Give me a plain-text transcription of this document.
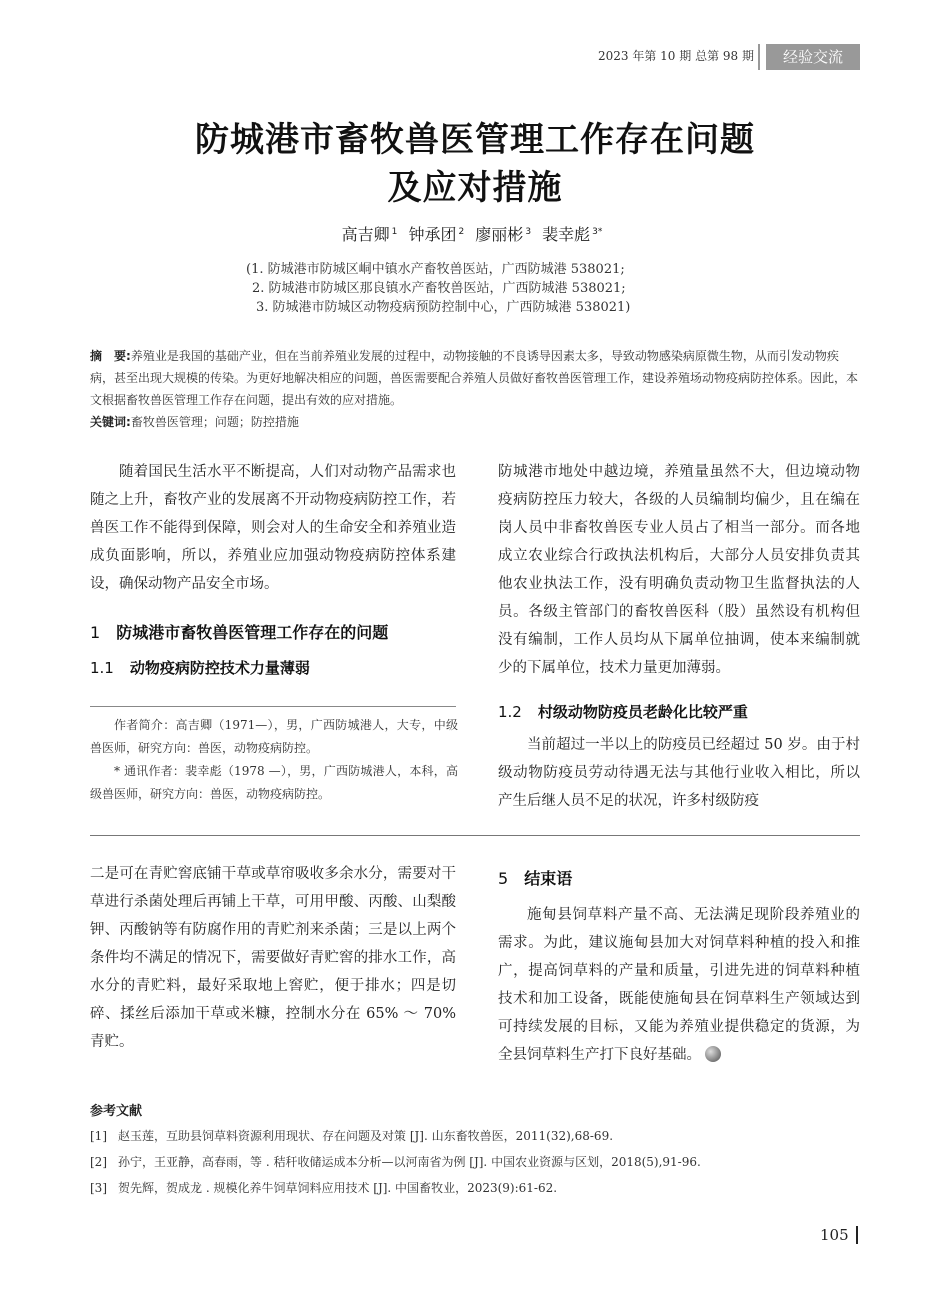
2023 年第 10 期 总第 98 期	经验交流
防城港市畜牧兽医管理工作存在问题
及应对措施
高吉卿 $^1$ 钟承团 $^2$ 廖丽彬 $^3$ 裴幸彪 $^{3*}$
(1. 防城港市防城区峒中镇水产畜牧兽医站，广西防城港 538021;
2. 防城港市防城区那良镇水产畜牧兽医站，广西防城港 538021;
3. 防城港市防城区动物疫病预防控制中心，广西防城港 538021)
摘　要:养殖业是我国的基础产业，但在当前养殖业发展的过程中，动物接触的不良诱导因素太多，导致动物感染病原微生物，从而引发动物疾病，甚至出现大规模的传染。为更好地解决相应的问题，兽医需要配合养殖人员做好畜牧兽医管理工作，建设养殖场动物疫病防控体系。因此，本文根据畜牧兽医管理工作存在问题，提出有效的应对措施。
关键词:畜牧兽医管理；问题；防控措施
随着国民生活水平不断提高，人们对动物产品需求也随之上升，畜牧产业的发展离不开动物疫病防控工作，若兽医工作不能得到保障，则会对人的生命安全和养殖业造成负面影响，所以，养殖业应加强动物疫病防控体系建设，确保动物产品安全市场。
1 防城港市畜牧兽医管理工作存在的问题
1.1 动物疫病防控技术力量薄弱

作者简介：高吉卿（1971—），男，广西防城港人，大专，中级兽医师，研究方向：兽医，动物疫病防控。

* 通讯作者：裴幸彪（1978 —），男，广西防城港人，本科，高级兽医师，研究方向：兽医，动物疫病防控。

防城港市地处中越边境，养殖量虽然不大，但边境动物疫病防控压力较大，各级的人员编制均偏少，且在编在岗人员中非畜牧兽医专业人员占了相当一部分。而各地成立农业综合行政执法机构后，大部分人员安排负责其他农业执法工作，没有明确负责动物卫生监督执法的人员。各级主管部门的畜牧兽医科（股）虽然设有机构但没有编制，工作人员均从下属单位抽调，使本来编制就少的下属单位，技术力量更加薄弱。
1.2 村级动物防疫员老龄化比较严重
当前超过一半以上的防疫员已经超过 50 岁。由于村级动物防疫员劳动待遇无法与其他行业收入相比，所以产生后继人员不足的状况，许多村级防疫
二是可在青贮窖底铺干草或草帘吸收多余水分，需要对干草进行杀菌处理后再铺上干草，可用甲酸、丙酸、山梨酸钾、丙酸钠等有防腐作用的青贮剂来杀菌；三是以上两个条件均不满足的情况下，需要做好青贮窖的排水工作，高水分的青贮料，最好采取地上窖贮，便于排水；四是切碎、揉丝后添加干草或米糠，控制水分在 65% ～ 70% 青贮。
5 结束语
施甸县饲草料产量不高、无法满足现阶段养殖业的需求。为此，建议施甸县加大对饲草料种植的投入和推广，提高饲草料的产量和质量，引进先进的饲草料种植技术和加工设备，既能使施甸县在饲草料生产领域达到可持续发展的目标，又能为养殖业提供稳定的货源，为全县饲草料生产打下良好基础。
参考文献
[1] 赵玉莲，互助县饲草料资源利用现状、存在问题及对策 [J]. 山东畜牧兽医，2011(32),68-69.
[2] 孙宁，王亚静，高春雨，等 . 秸秆收储运成本分析—以河南省为例 [J]. 中国农业资源与区划，2018(5),91-96.
[3] 贺先辉，贺成龙 . 规模化养牛饲草饲料应用技术 [J]. 中国畜牧业，2023(9):61-62.
105
